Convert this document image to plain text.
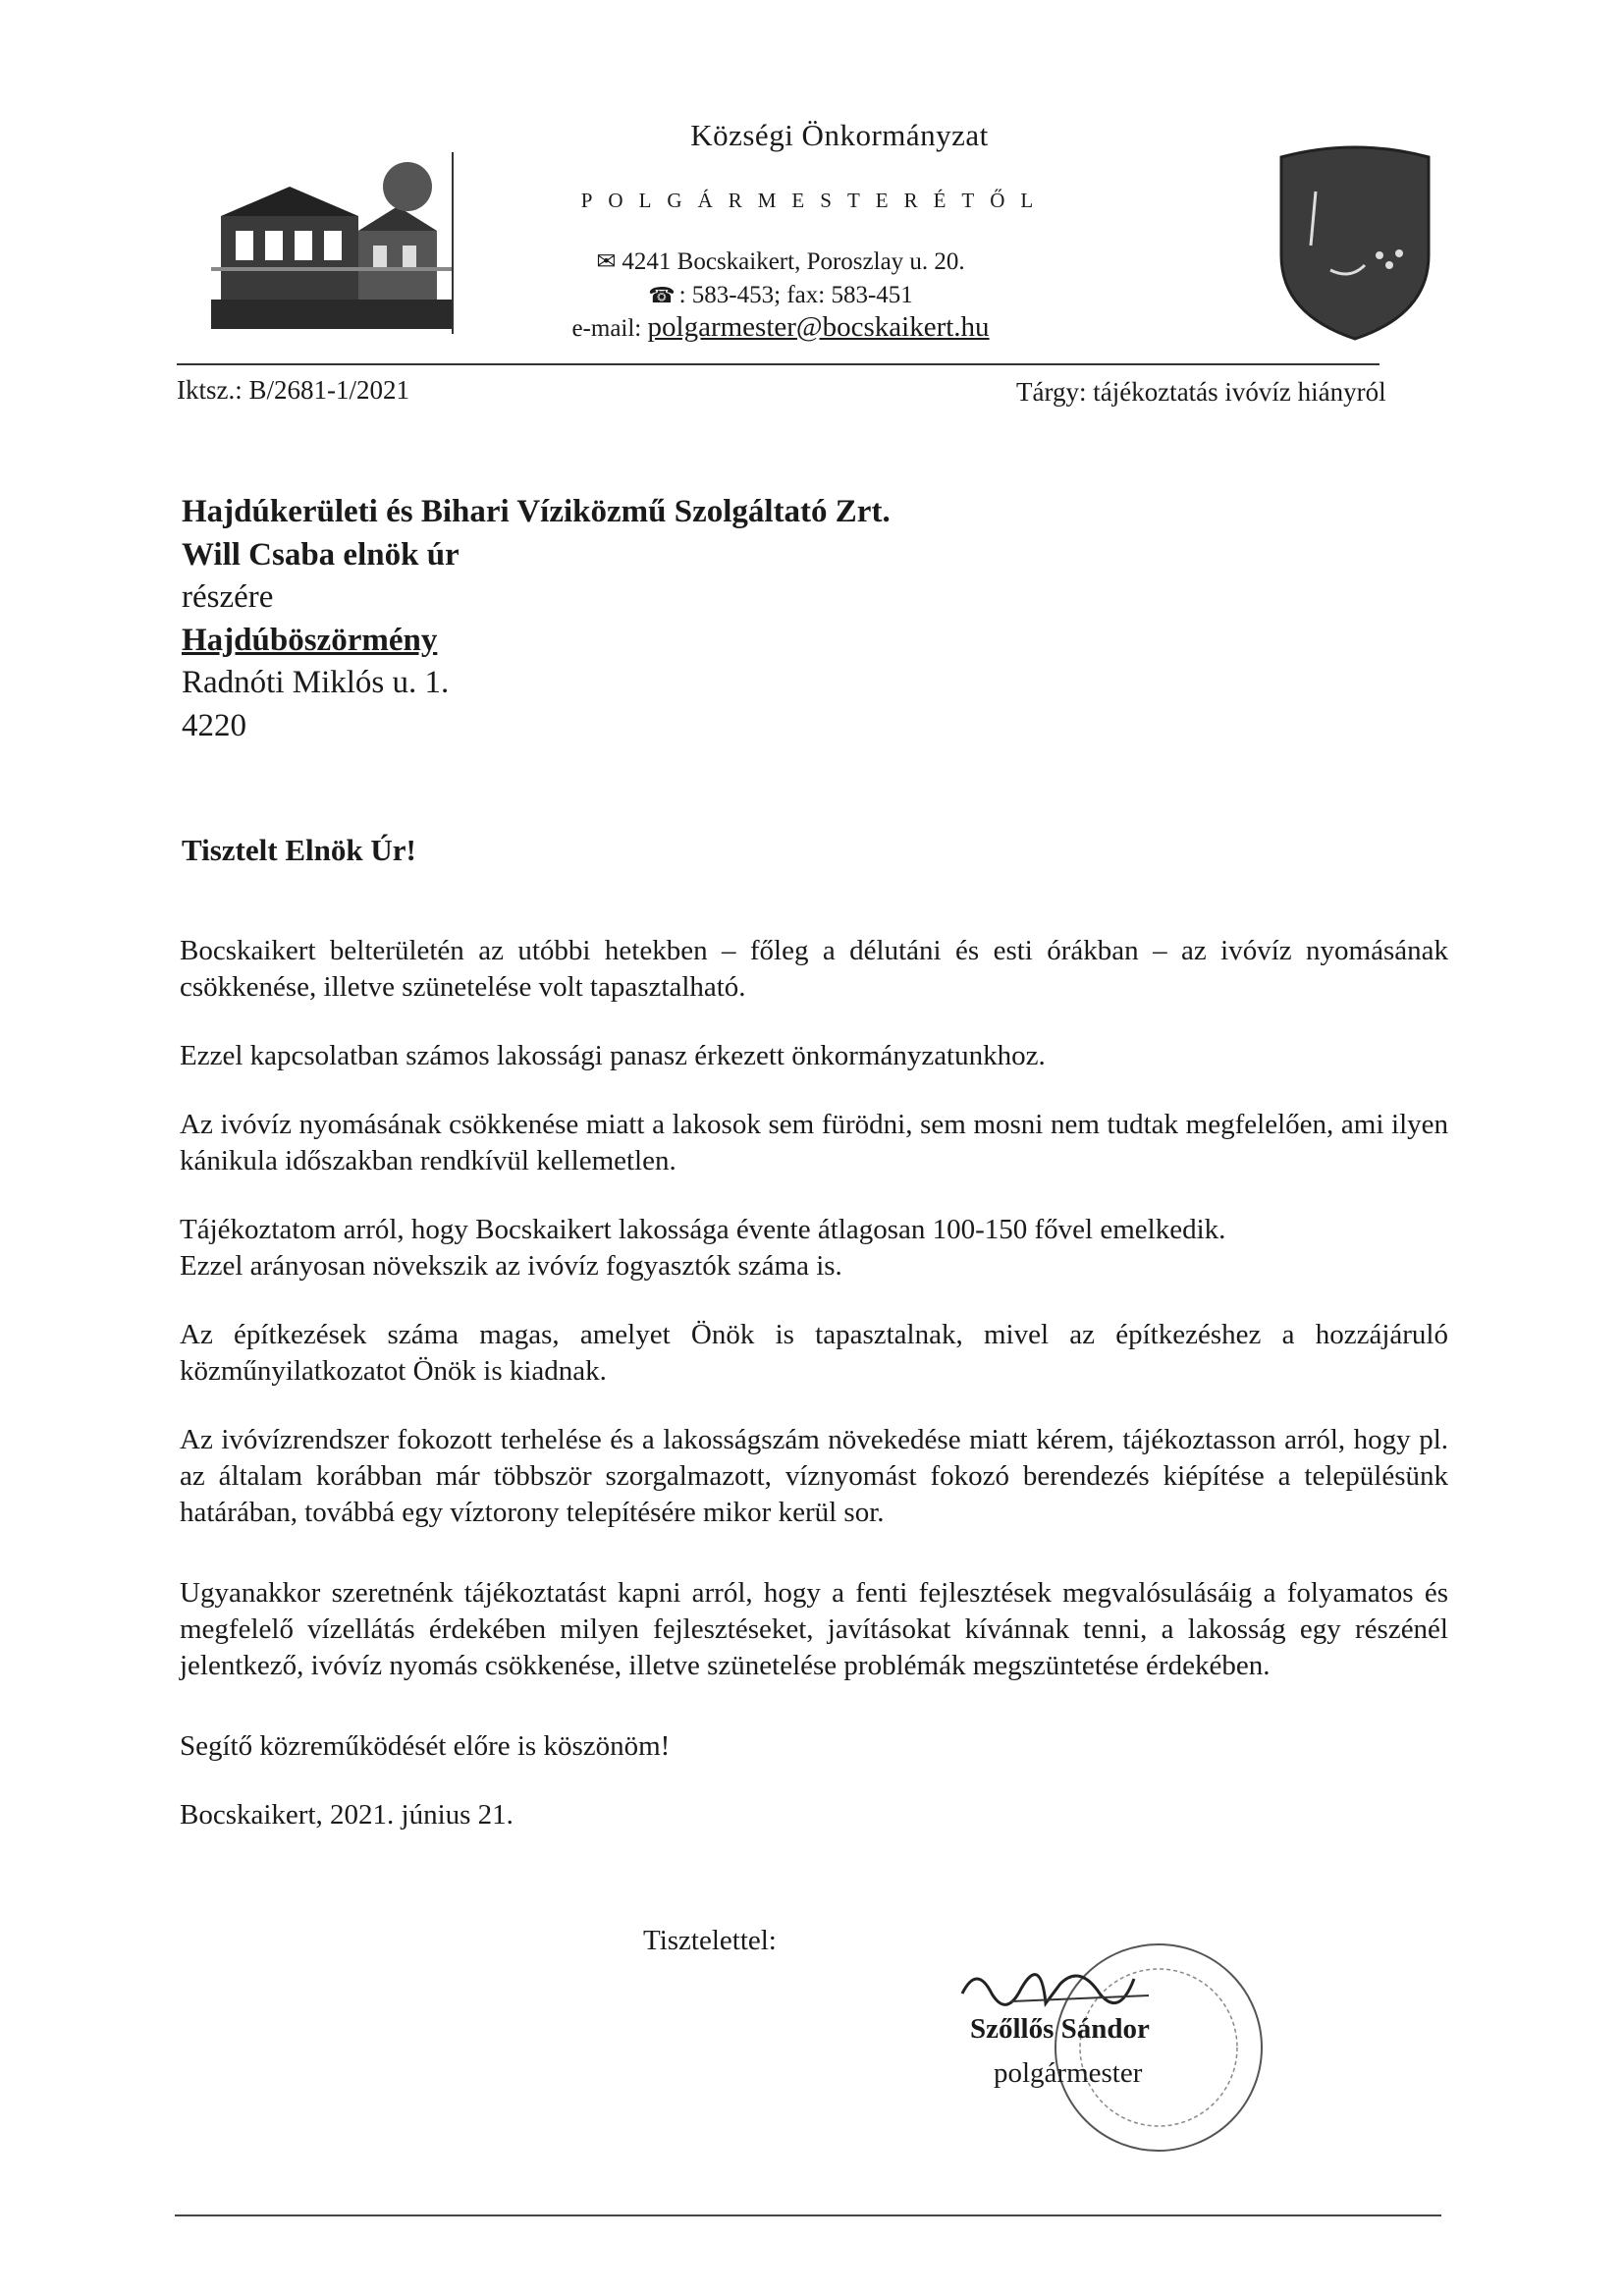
Községi Önkormányzat
POLGÁRMESTERÉTŐL
✉ 4241 Bocskaikert, Poroszlay u. 20.
☎ : 583-453; fax: 583-451
e-mail: polgarmester@bocskaikert.hu
Iktsz.: B/2681-1/2021	Tárgy: tájékoztatás ivóvíz hiányról
Hajdúkerületi és Bihari Víziközmű Szolgáltató Zrt.
Will Csaba elnök úr
részére
Hajdúböszörmény
Radnóti Miklós u. 1.
4220
Tisztelt Elnök Úr!

Bocskaikert belterületén az utóbbi hetekben – főleg a délutáni és esti órákban – az ivóvíz nyomásának csökkenése, illetve szünetelése volt tapasztalható.

Ezzel kapcsolatban számos lakossági panasz érkezett önkormányzatunkhoz.

Az ivóvíz nyomásának csökkenése miatt a lakosok sem fürödni, sem mosni nem tudtak megfelelően, ami ilyen kánikula időszakban rendkívül kellemetlen.

Tájékoztatom arról, hogy Bocskaikert lakossága évente átlagosan 100-150 fővel emelkedik.

Ezzel arányosan növekszik az ivóvíz fogyasztók száma is.

Az építkezések száma magas, amelyet Önök is tapasztalnak, mivel az építkezéshez a hozzájáruló közműnyilatkozatot Önök is kiadnak.

Az ivóvízrendszer fokozott terhelése és a lakosságszám növekedése miatt kérem, tájékoztasson arról, hogy pl. az általam korábban már többször szorgalmazott, víznyomást fokozó berendezés kiépítése a településünk határában, továbbá egy víztorony telepítésére mikor kerül sor.

Ugyanakkor szeretnénk tájékoztatást kapni arról, hogy a fenti fejlesztések megvalósulásáig a folyamatos és megfelelő vízellátás érdekében milyen fejlesztéseket, javításokat kívánnak tenni, a lakosság egy részénél jelentkező, ivóvíz nyomás csökkenése, illetve szünetelése problémák megszüntetése érdekében.

Segítő közreműködését előre is köszönöm!

Bocskaikert, 2021. június 21.

Tisztelettel:
Szőllős Sándor
polgármester
